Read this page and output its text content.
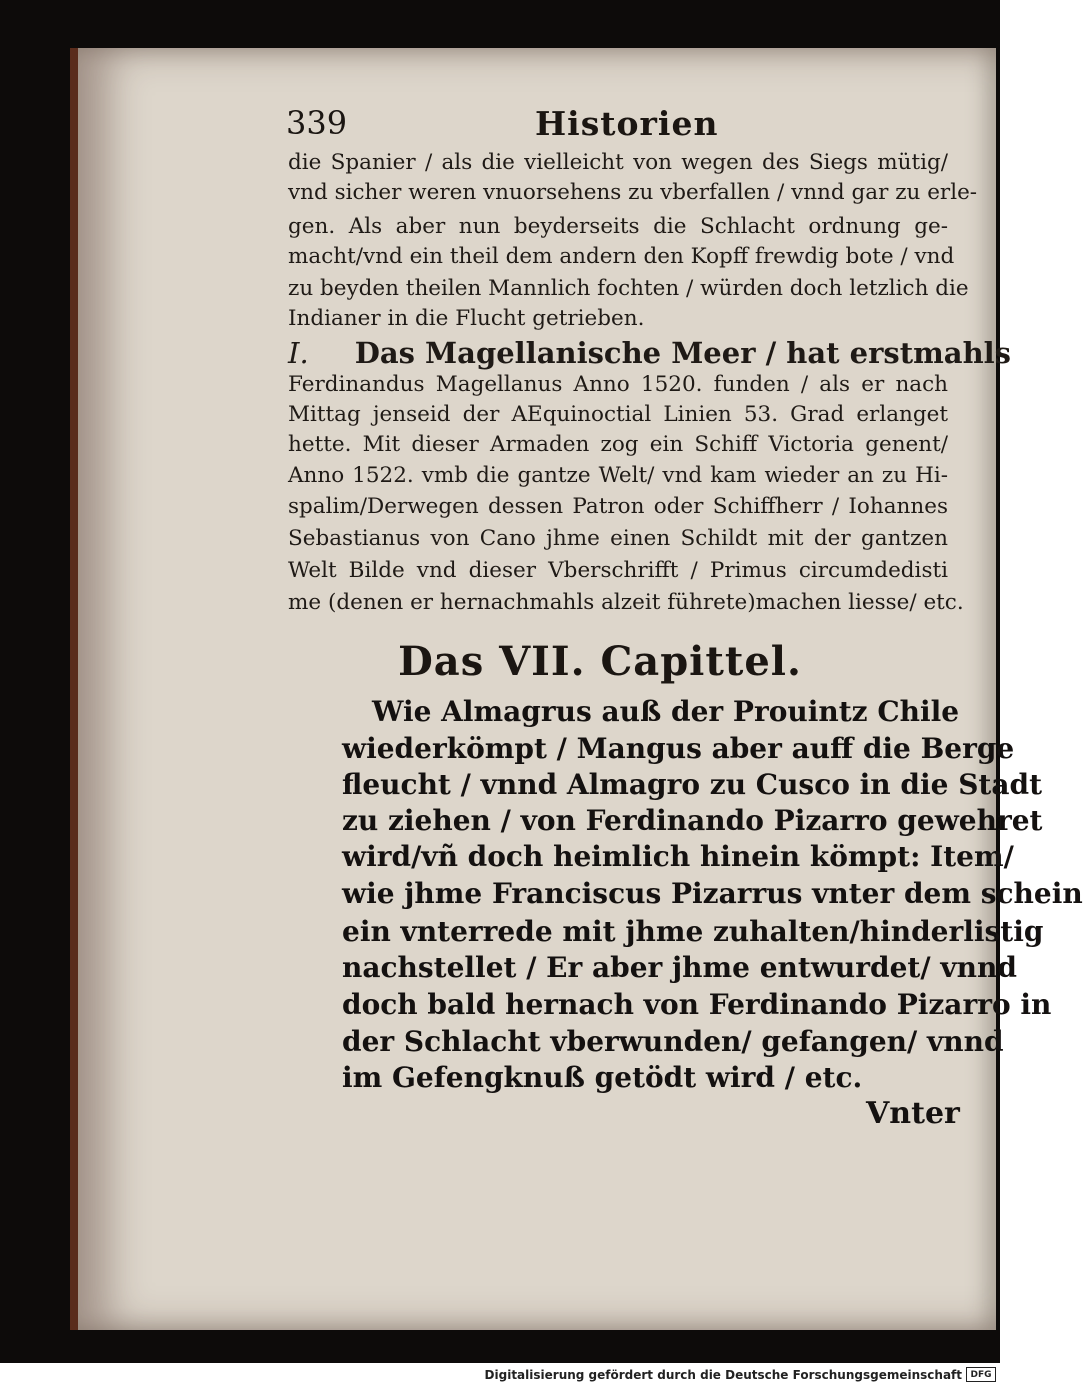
339	Historien
die Spanier / als die vielleicht von wegen des Siegs mütig/
vnd sicher weren vnuorsehens zu vberfallen / vnnd gar zu erle-
gen. Als aber nun beyderseits die Schlacht ordnung ge-
macht/vnd ein theil dem andern den Kopff frewdig bote / vnd
zu beyden theilen Mannlich fochten / würden doch letzlich die
Indianer in die Flucht getrieben.
I. Das Magellanische Meer / hat erstmahls
Ferdinandus Magellanus Anno 1520. funden / als er nach
Mittag jenseid der AEquinoctial Linien 53. Grad erlanget
hette. Mit dieser Armaden zog ein Schiff Victoria genent/
Anno 1522. vmb die gantze Welt/ vnd kam wieder an zu Hi-
spalim/Derwegen dessen Patron oder Schiffherr / Iohannes
Sebastianus von Cano jhme einen Schildt mit der gantzen
Welt Bilde vnd dieser Vberschrifft / Primus circumdedisti
me (denen er hernachmahls alzeit führete)machen liesse/ etc.
Das VII. Capittel.
Wie Almagrus auß der Prouintz Chile
wiederkömpt / Mangus aber auff die Berge
fleucht / vnnd Almagro zu Cusco in die Stadt
zu ziehen / von Ferdinando Pizarro gewehret
wird/vñ doch heimlich hinein kömpt: Item/
wie jhme Franciscus Pizarrus vnter dem schein
ein vnterrede mit jhme zuhalten/hinderlistig
nachstellet / Er aber jhme entwurdet/ vnnd
doch bald hernach von Ferdinando Pizarro in
der Schlacht vberwunden/ gefangen/ vnnd
im Gefengknuß getödt wird / etc.
Vnter
Digitalisierung gefördert durch die Deutsche Forschungsgemeinschaft DFG
